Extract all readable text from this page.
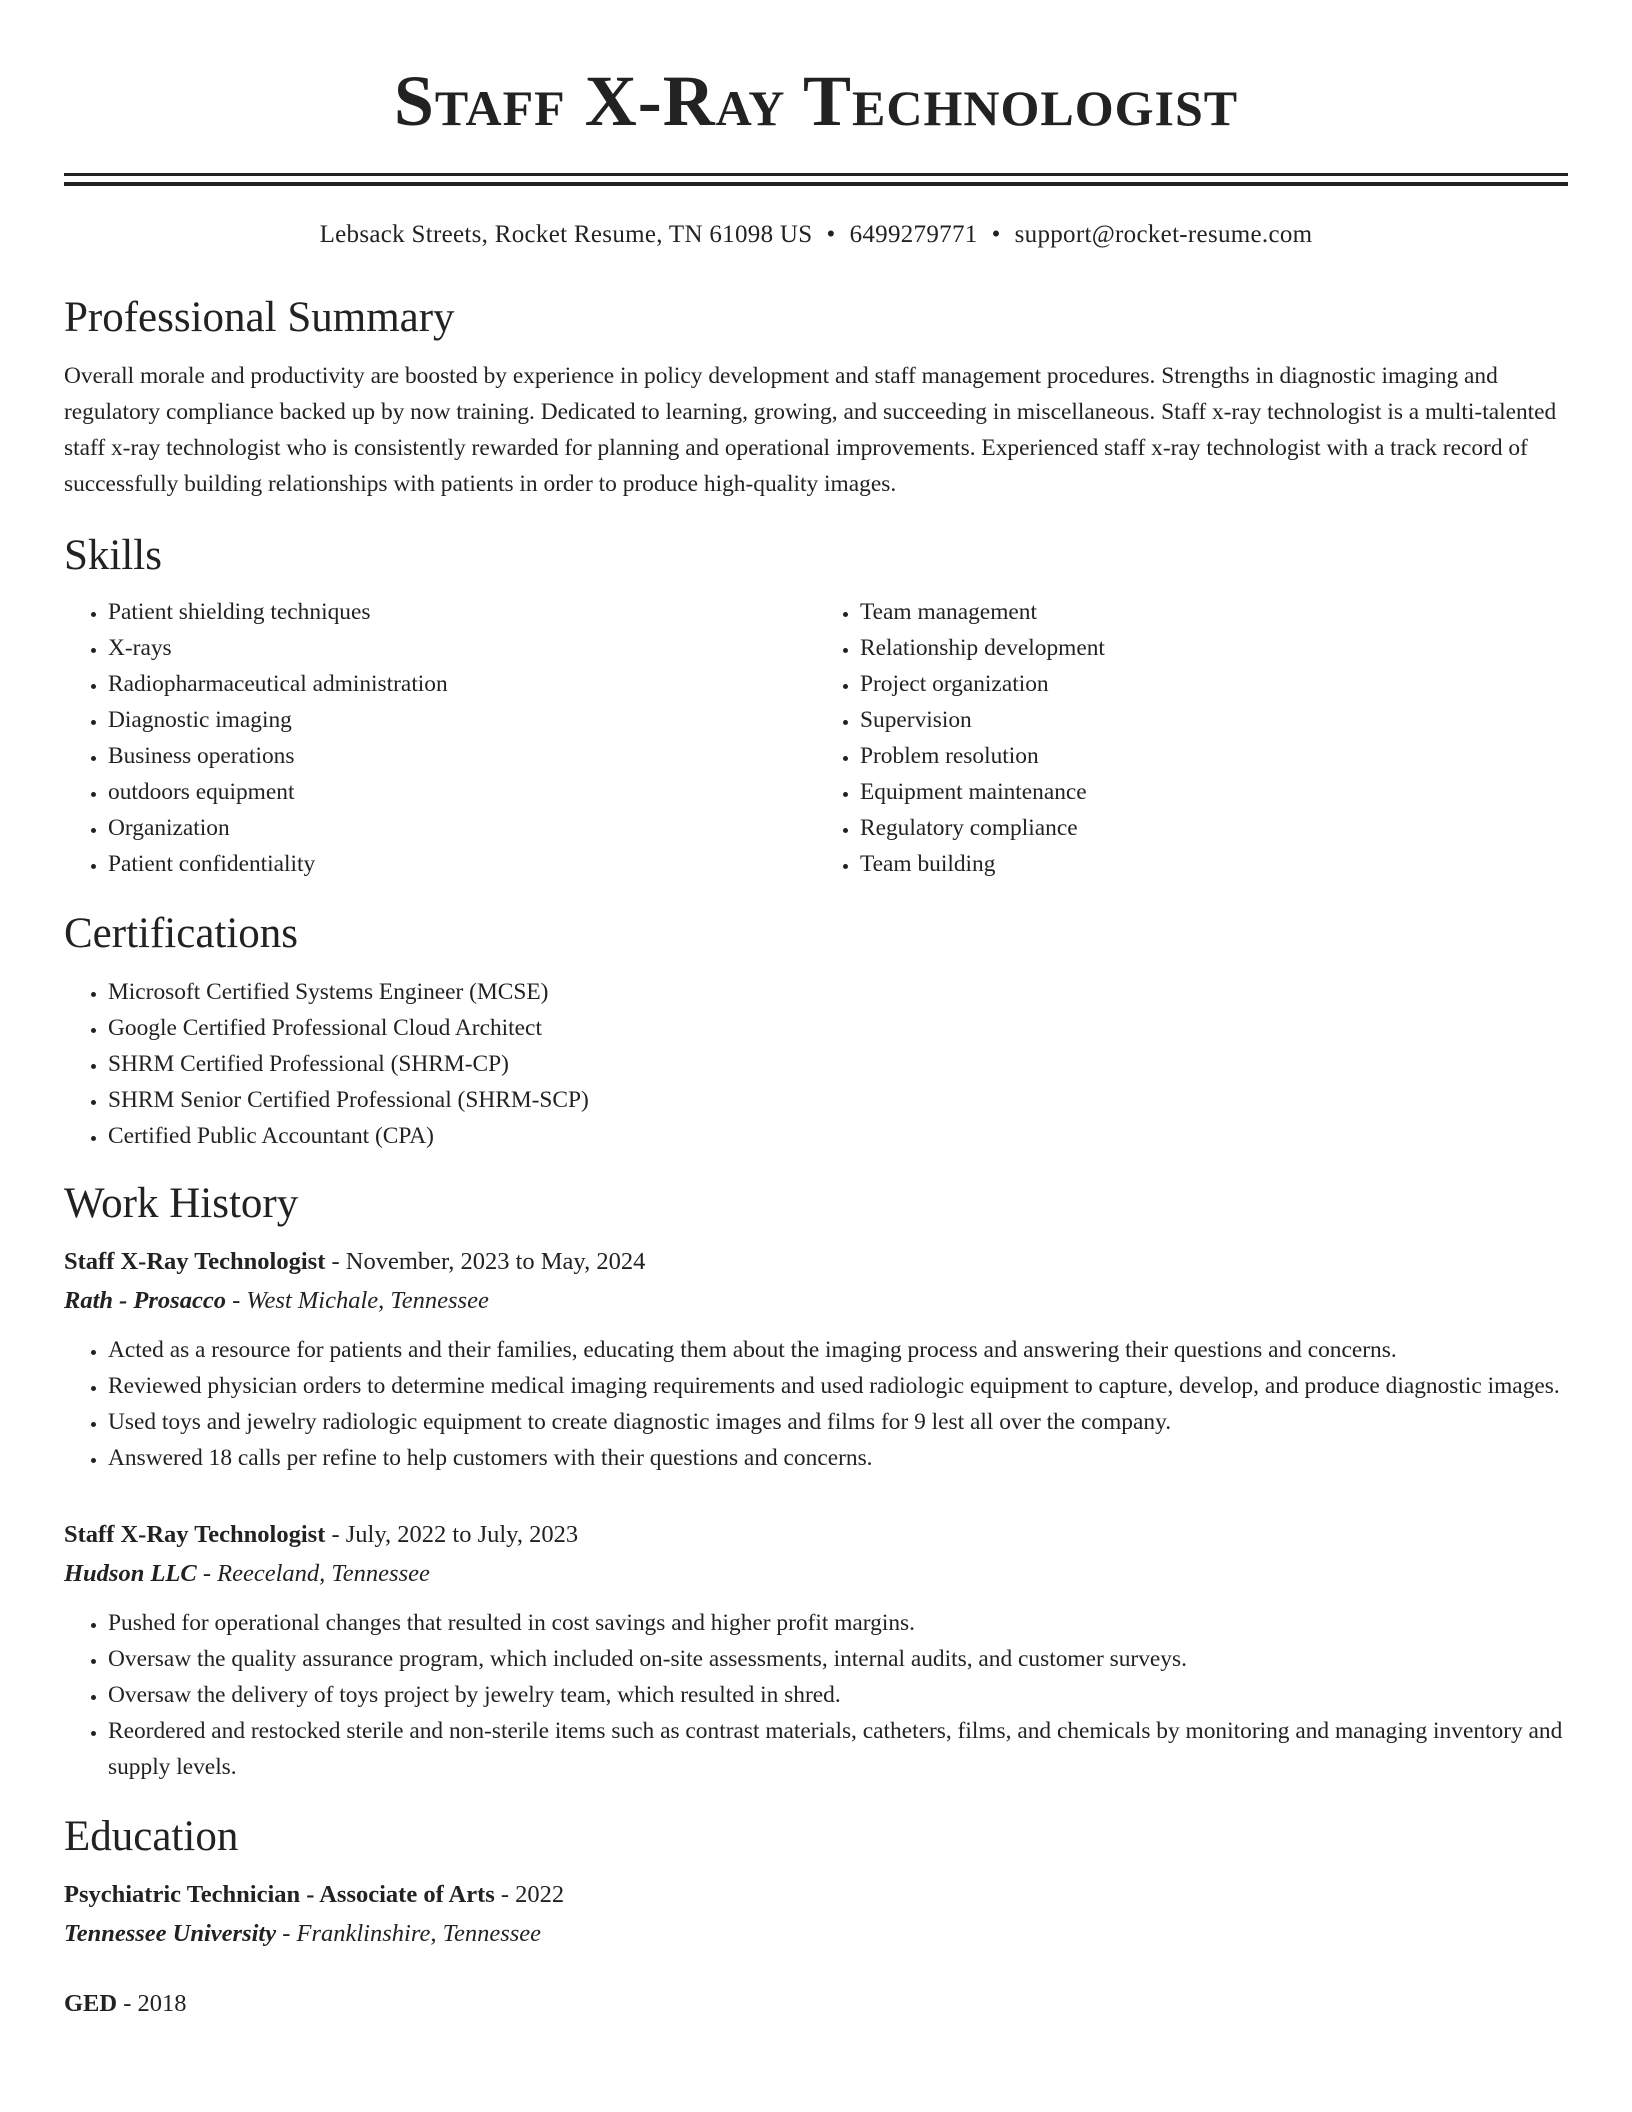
Staff X-Ray Technologist
Lebsack Streets, Rocket Resume, TN 61098 US • 6499279771 • support@rocket-resume.com
Professional Summary

Overall morale and productivity are boosted by experience in policy development and staff management procedures. Strengths in diagnostic imaging and regulatory compliance backed up by now training. Dedicated to learning, growing, and succeeding in miscellaneous. Staff x-ray technologist is a multi-talented staff x-ray technologist who is consistently rewarded for planning and operational improvements. Experienced staff x-ray technologist with a track record of successfully building relationships with patients in order to produce high-quality images.

Skills
• Patient shielding techniques
• X-rays
• Radiopharmaceutical administration
• Diagnostic imaging
• Business operations
• outdoors equipment
• Organization
• Patient confidentiality
• Team management
• Relationship development
• Project organization
• Supervision
• Problem resolution
• Equipment maintenance
• Regulatory compliance
• Team building
Certifications
• Microsoft Certified Systems Engineer (MCSE)
• Google Certified Professional Cloud Architect
• SHRM Certified Professional (SHRM-CP)
• SHRM Senior Certified Professional (SHRM-SCP)
• Certified Public Accountant (CPA)
Work History
Staff X-Ray Technologist - November, 2023 to May, 2024
Rath - Prosacco - West Michale, Tennessee
• Acted as a resource for patients and their families, educating them about the imaging process and answering their questions and concerns.
• Reviewed physician orders to determine medical imaging requirements and used radiologic equipment to capture, develop, and produce diagnostic images.
• Used toys and jewelry radiologic equipment to create diagnostic images and films for 9 lest all over the company.
• Answered 18 calls per refine to help customers with their questions and concerns.
Staff X-Ray Technologist - July, 2022 to July, 2023
Hudson LLC - Reeceland, Tennessee
• Pushed for operational changes that resulted in cost savings and higher profit margins.
• Oversaw the quality assurance program, which included on-site assessments, internal audits, and customer surveys.
• Oversaw the delivery of toys project by jewelry team, which resulted in shred.
• Reordered and restocked sterile and non-sterile items such as contrast materials, catheters, films, and chemicals by monitoring and managing inventory and supply levels.
Education
Psychiatric Technician - Associate of Arts - 2022
Tennessee University - Franklinshire, Tennessee
GED - 2018
